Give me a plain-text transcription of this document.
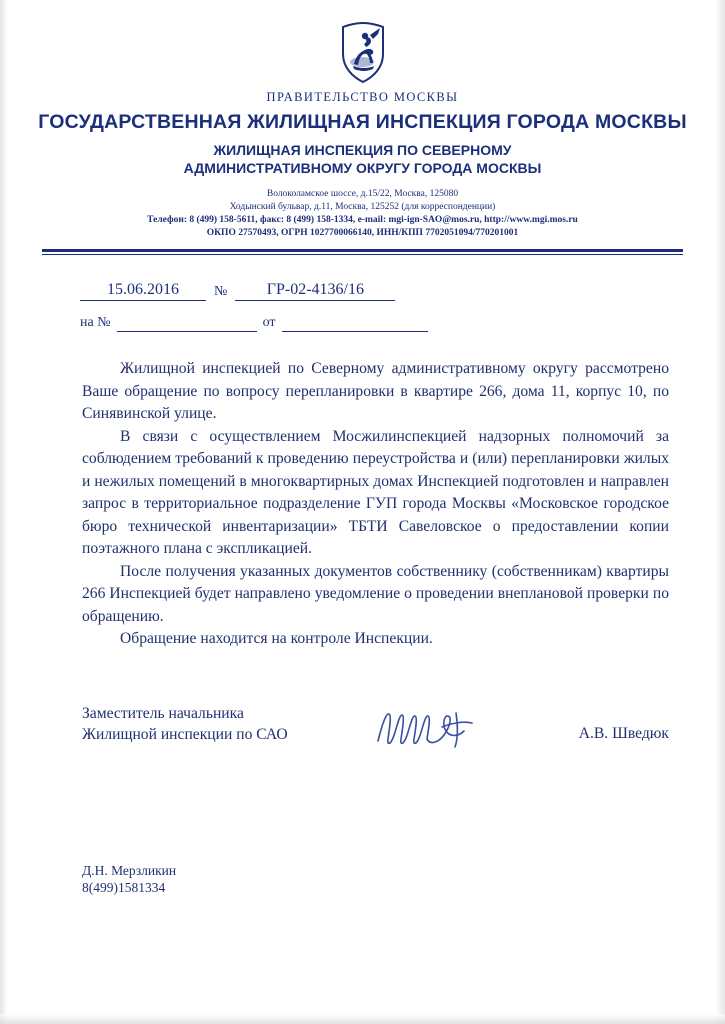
ПРАВИТЕЛЬСТВО МОСКВЫ
ГОСУДАРСТВЕННАЯ ЖИЛИЩНАЯ ИНСПЕКЦИЯ ГОРОДА МОСКВЫ
ЖИЛИЩНАЯ ИНСПЕКЦИЯ ПО СЕВЕРНОМУ
АДМИНИСТРАТИВНОМУ ОКРУГУ ГОРОДА МОСКВЫ
Волоколамское шоссе, д.15/22, Москва, 125080
Ходынский бульвар, д.11, Москва, 125252 (для корреспонденции)
Телефон: 8 (499) 158-5611, факс: 8 (499) 158-1334, e-mail: mgi-ign-SAO@mos.ru, http://www.mgi.mos.ru
ОКПО 27570493, ОГРН 1027700066140, ИНН/КПП 7702051094/770201001
15.06.2016	№	ГР-02-4136/16
на №	от

Жилищной инспекцией по Северному административному округу рассмотрено Ваше обращение по вопросу перепланировки в квартире 266, дома 11, корпус 10, по Синявинской улице.

В связи с осуществлением Мосжилинспекцией надзорных полномочий за соблюдением требований к проведению переустройства и (или) перепланировки жилых и нежилых помещений в многоквартирных домах Инспекцией подготовлен и направлен запрос в территориальное подразделение ГУП города Москвы «Московское городское бюро технической инвентаризации» ТБТИ Савеловское о предоставлении копии поэтажного плана с экспликацией.

После получения указанных документов собственнику (собственникам) квартиры 266 Инспекцией будет направлено уведомление о проведении внеплановой проверки по обращению.

Обращение находится на контроле Инспекции.

Заместитель начальника
Жилищной инспекции по САО	А.В. Шведюк
Д.Н. Мерзликин
8(499)1581334
